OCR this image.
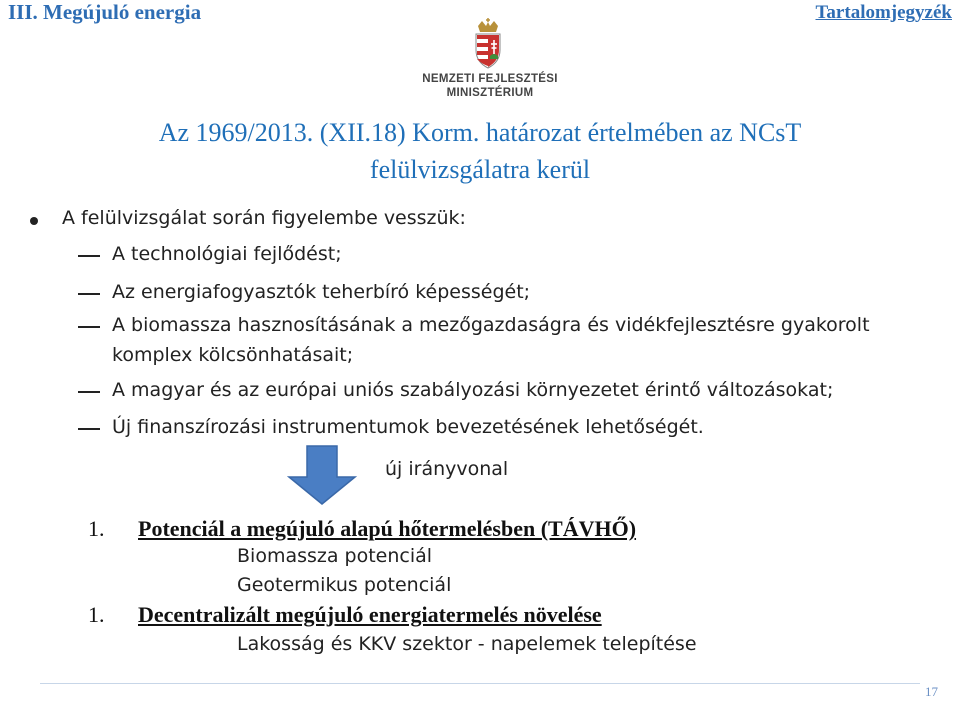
III. Megújuló energia	Tartalomjegyzék
NEMZETI FEJLESZTÉSI
MINISZTÉRIUM
Az 1969/2013. (XII.18) Korm. határozat értelmében az NCsT
felülvizsgálatra kerül
A felülvizsgálat során figyelembe vesszük:
A technológiai fejlődést;
Az energiafogyasztók teherbíró képességét;
A biomassza hasznosításának a mezőgazdaságra és vidékfejlesztésre gyakorolt
komplex kölcsönhatásait;
A magyar és az európai uniós szabályozási környezetet érintő változásokat;
Új finanszírozási instrumentumok bevezetésének lehetőségét.
új irányvonal
1. Potenciál a megújuló alapú hőtermelésben (TÁVHŐ)
Biomassza potenciál
Geotermikus potenciál
1. Decentralizált megújuló energiatermelés növelése
Lakosság és KKV szektor - napelemek telepítése
17
